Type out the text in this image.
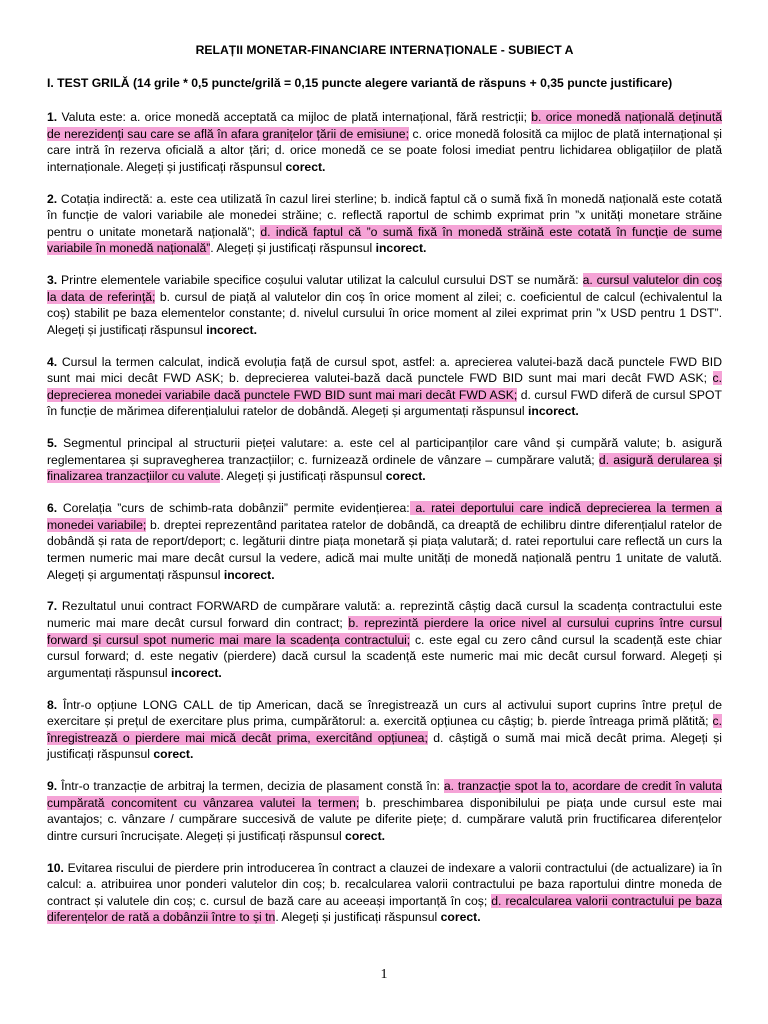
RELAȚII MONETAR-FINANCIARE INTERNAȚIONALE - SUBIECT A

I. TEST GRILĂ (14 grile * 0,5 puncte/grilă = 0,15 puncte alegere variantă de răspuns + 0,35 puncte justificare)

1. Valuta este: a. orice monedă acceptată ca mijloc de plată internațional, fără restricții; b. orice monedă națională deținută de nerezidenți sau care se află în afara granițelor țării de emisiune; c. orice monedă folosită ca mijloc de plată internațional și care intră în rezerva oficială a altor țări; d. orice monedă ce se poate folosi imediat pentru lichidarea obligațiilor de plată internaționale. Alegeți și justificați răspunsul corect.

2. Cotația indirectă: a. este cea utilizată în cazul lirei sterline; b. indică faptul că o sumă fixă în monedă națională este cotată în funcție de valori variabile ale monedei străine; c. reflectă raportul de schimb exprimat prin ”x unități monetare străine pentru o unitate monetară națională”; d. indică faptul că ”o sumă fixă în monedă străină este cotată în funcție de sume variabile în monedă națională”. Alegeți și justificați răspunsul incorect.

3. Printre elementele variabile specifice coșului valutar utilizat la calculul cursului DST se numără: a. cursul valutelor din coș la data de referință; b. cursul de piață al valutelor din coș în orice moment al zilei; c. coeficientul de calcul (echivalentul la coș) stabilit pe baza elementelor constante; d. nivelul cursului în orice moment al zilei exprimat prin ”x USD pentru 1 DST”. Alegeți și justificați răspunsul incorect.

4. Cursul la termen calculat, indică evoluția față de cursul spot, astfel: a. aprecierea valutei-bază dacă punctele FWD BID sunt mai mici decât FWD ASK; b. deprecierea valutei-bază dacă punctele FWD BID sunt mai mari decât FWD ASK; c. deprecierea monedei variabile dacă punctele FWD BID sunt mai mari decât FWD ASK; d. cursul FWD diferă de cursul SPOT în funcție de mărimea diferențialului ratelor de dobândă. Alegeți și argumentați răspunsul incorect.

5. Segmentul principal al structurii pieței valutare: a. este cel al participanților care vând și cumpără valute; b. asigură reglementarea și supravegherea tranzacțiilor; c. furnizează ordinele de vânzare – cumpărare valută; d. asigură derularea și finalizarea tranzacțiilor cu valute. Alegeți și justificați răspunsul corect.

6. Corelația ”curs de schimb-rata dobânzii” permite evidențierea: a. ratei deportului care indică deprecierea la termen a monedei variabile; b. dreptei reprezentând paritatea ratelor de dobândă, ca dreaptă de echilibru dintre diferențialul ratelor de dobândă și rata de report/deport; c. legăturii dintre piața monetară și piața valutară; d. ratei reportului care reflectă un curs la termen numeric mai mare decât cursul la vedere, adică mai multe unități de monedă națională pentru 1 unitate de valută. Alegeți și argumentați răspunsul incorect.

7. Rezultatul unui contract FORWARD de cumpărare valută: a. reprezintă câștig dacă cursul la scadența contractului este numeric mai mare decât cursul forward din contract; b. reprezintă pierdere la orice nivel al cursului cuprins între cursul forward și cursul spot numeric mai mare la scadența contractului; c. este egal cu zero când cursul la scadență este chiar cursul forward; d. este negativ (pierdere) dacă cursul la scadență este numeric mai mic decât cursul forward. Alegeți și argumentați răspunsul incorect.

8. Într-o opțiune LONG CALL de tip American, dacă se înregistrează un curs al activului suport cuprins între prețul de exercitare și prețul de exercitare plus prima, cumpărătorul: a. exercită opțiunea cu câștig; b. pierde întreaga primă plătită; c. înregistrează o pierdere mai mică decât prima, exercitând opțiunea; d. câștigă o sumă mai mică decât prima. Alegeți și justificați răspunsul corect.

9. Într-o tranzacție de arbitraj la termen, decizia de plasament constă în: a. tranzacție spot la to, acordare de credit în valuta cumpărată concomitent cu vânzarea valutei la termen; b. preschimbarea disponibilului pe piața unde cursul este mai avantajos; c. vânzare / cumpărare succesivă de valute pe diferite piețe; d. cumpărare valută prin fructificarea diferențelor dintre cursuri încrucișate. Alegeți și justificați răspunsul corect.

10. Evitarea riscului de pierdere prin introducerea în contract a clauzei de indexare a valorii contractului (de actualizare) ia în calcul: a. atribuirea unor ponderi valutelor din coș; b. recalcularea valorii contractului pe baza raportului dintre moneda de contract și valutele din coș; c. cursul de bază care au aceeași importanță în coș; d. recalcularea valorii contractului pe baza diferențelor de rată a dobânzii între to și tn. Alegeți și justificați răspunsul corect.

1
